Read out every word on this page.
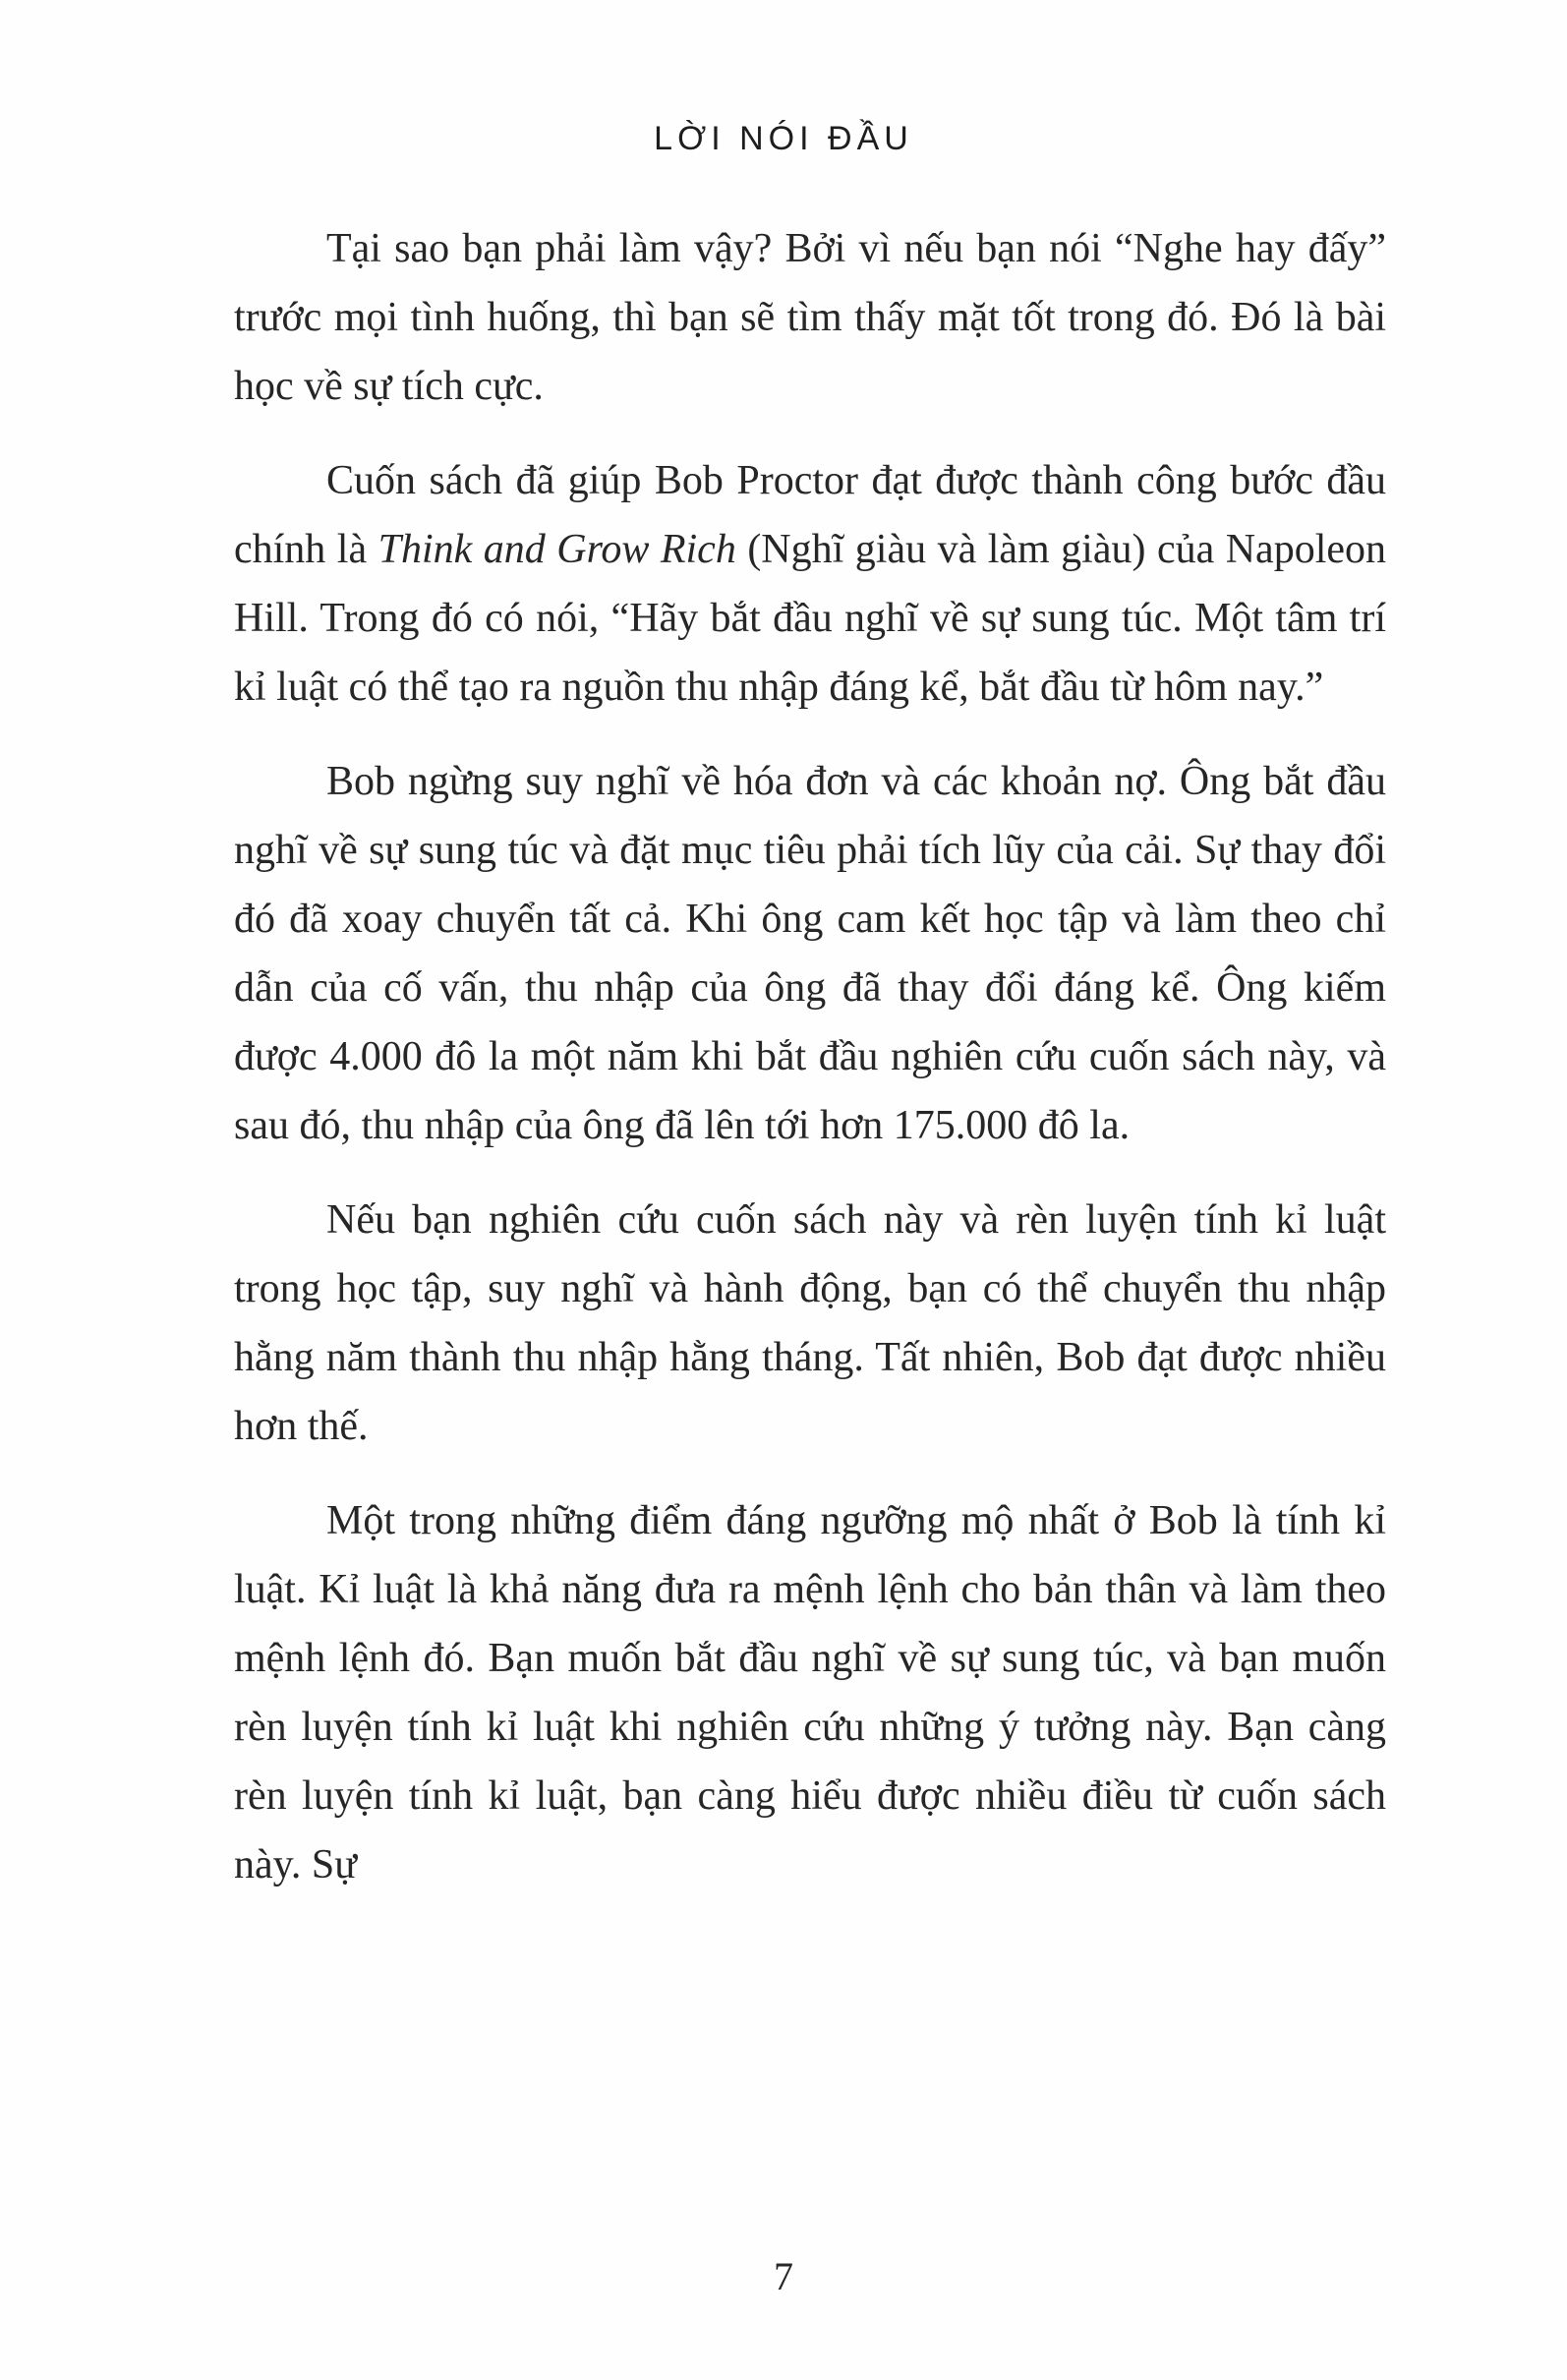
LỜI NÓI ĐẦU

Tại sao bạn phải làm vậy? Bởi vì nếu bạn nói “Nghe hay đấy” trước mọi tình huống, thì bạn sẽ tìm thấy mặt tốt trong đó. Đó là bài học về sự tích cực.

Cuốn sách đã giúp Bob Proctor đạt được thành công bước đầu chính là Think and Grow Rich (Nghĩ giàu và làm giàu) của Napoleon Hill. Trong đó có nói, “Hãy bắt đầu nghĩ về sự sung túc. Một tâm trí kỉ luật có thể tạo ra nguồn thu nhập đáng kể, bắt đầu từ hôm nay.”

Bob ngừng suy nghĩ về hóa đơn và các khoản nợ. Ông bắt đầu nghĩ về sự sung túc và đặt mục tiêu phải tích lũy của cải. Sự thay đổi đó đã xoay chuyển tất cả. Khi ông cam kết học tập và làm theo chỉ dẫn của cố vấn, thu nhập của ông đã thay đổi đáng kể. Ông kiếm được 4.000 đô la một năm khi bắt đầu nghiên cứu cuốn sách này, và sau đó, thu nhập của ông đã lên tới hơn 175.000 đô la.

Nếu bạn nghiên cứu cuốn sách này và rèn luyện tính kỉ luật trong học tập, suy nghĩ và hành động, bạn có thể chuyển thu nhập hằng năm thành thu nhập hằng tháng. Tất nhiên, Bob đạt được nhiều hơn thế.

Một trong những điểm đáng ngưỡng mộ nhất ở Bob là tính kỉ luật. Kỉ luật là khả năng đưa ra mệnh lệnh cho bản thân và làm theo mệnh lệnh đó. Bạn muốn bắt đầu nghĩ về sự sung túc, và bạn muốn rèn luyện tính kỉ luật khi nghiên cứu những ý tưởng này. Bạn càng rèn luyện tính kỉ luật, bạn càng hiểu được nhiều điều từ cuốn sách này. Sự

7
